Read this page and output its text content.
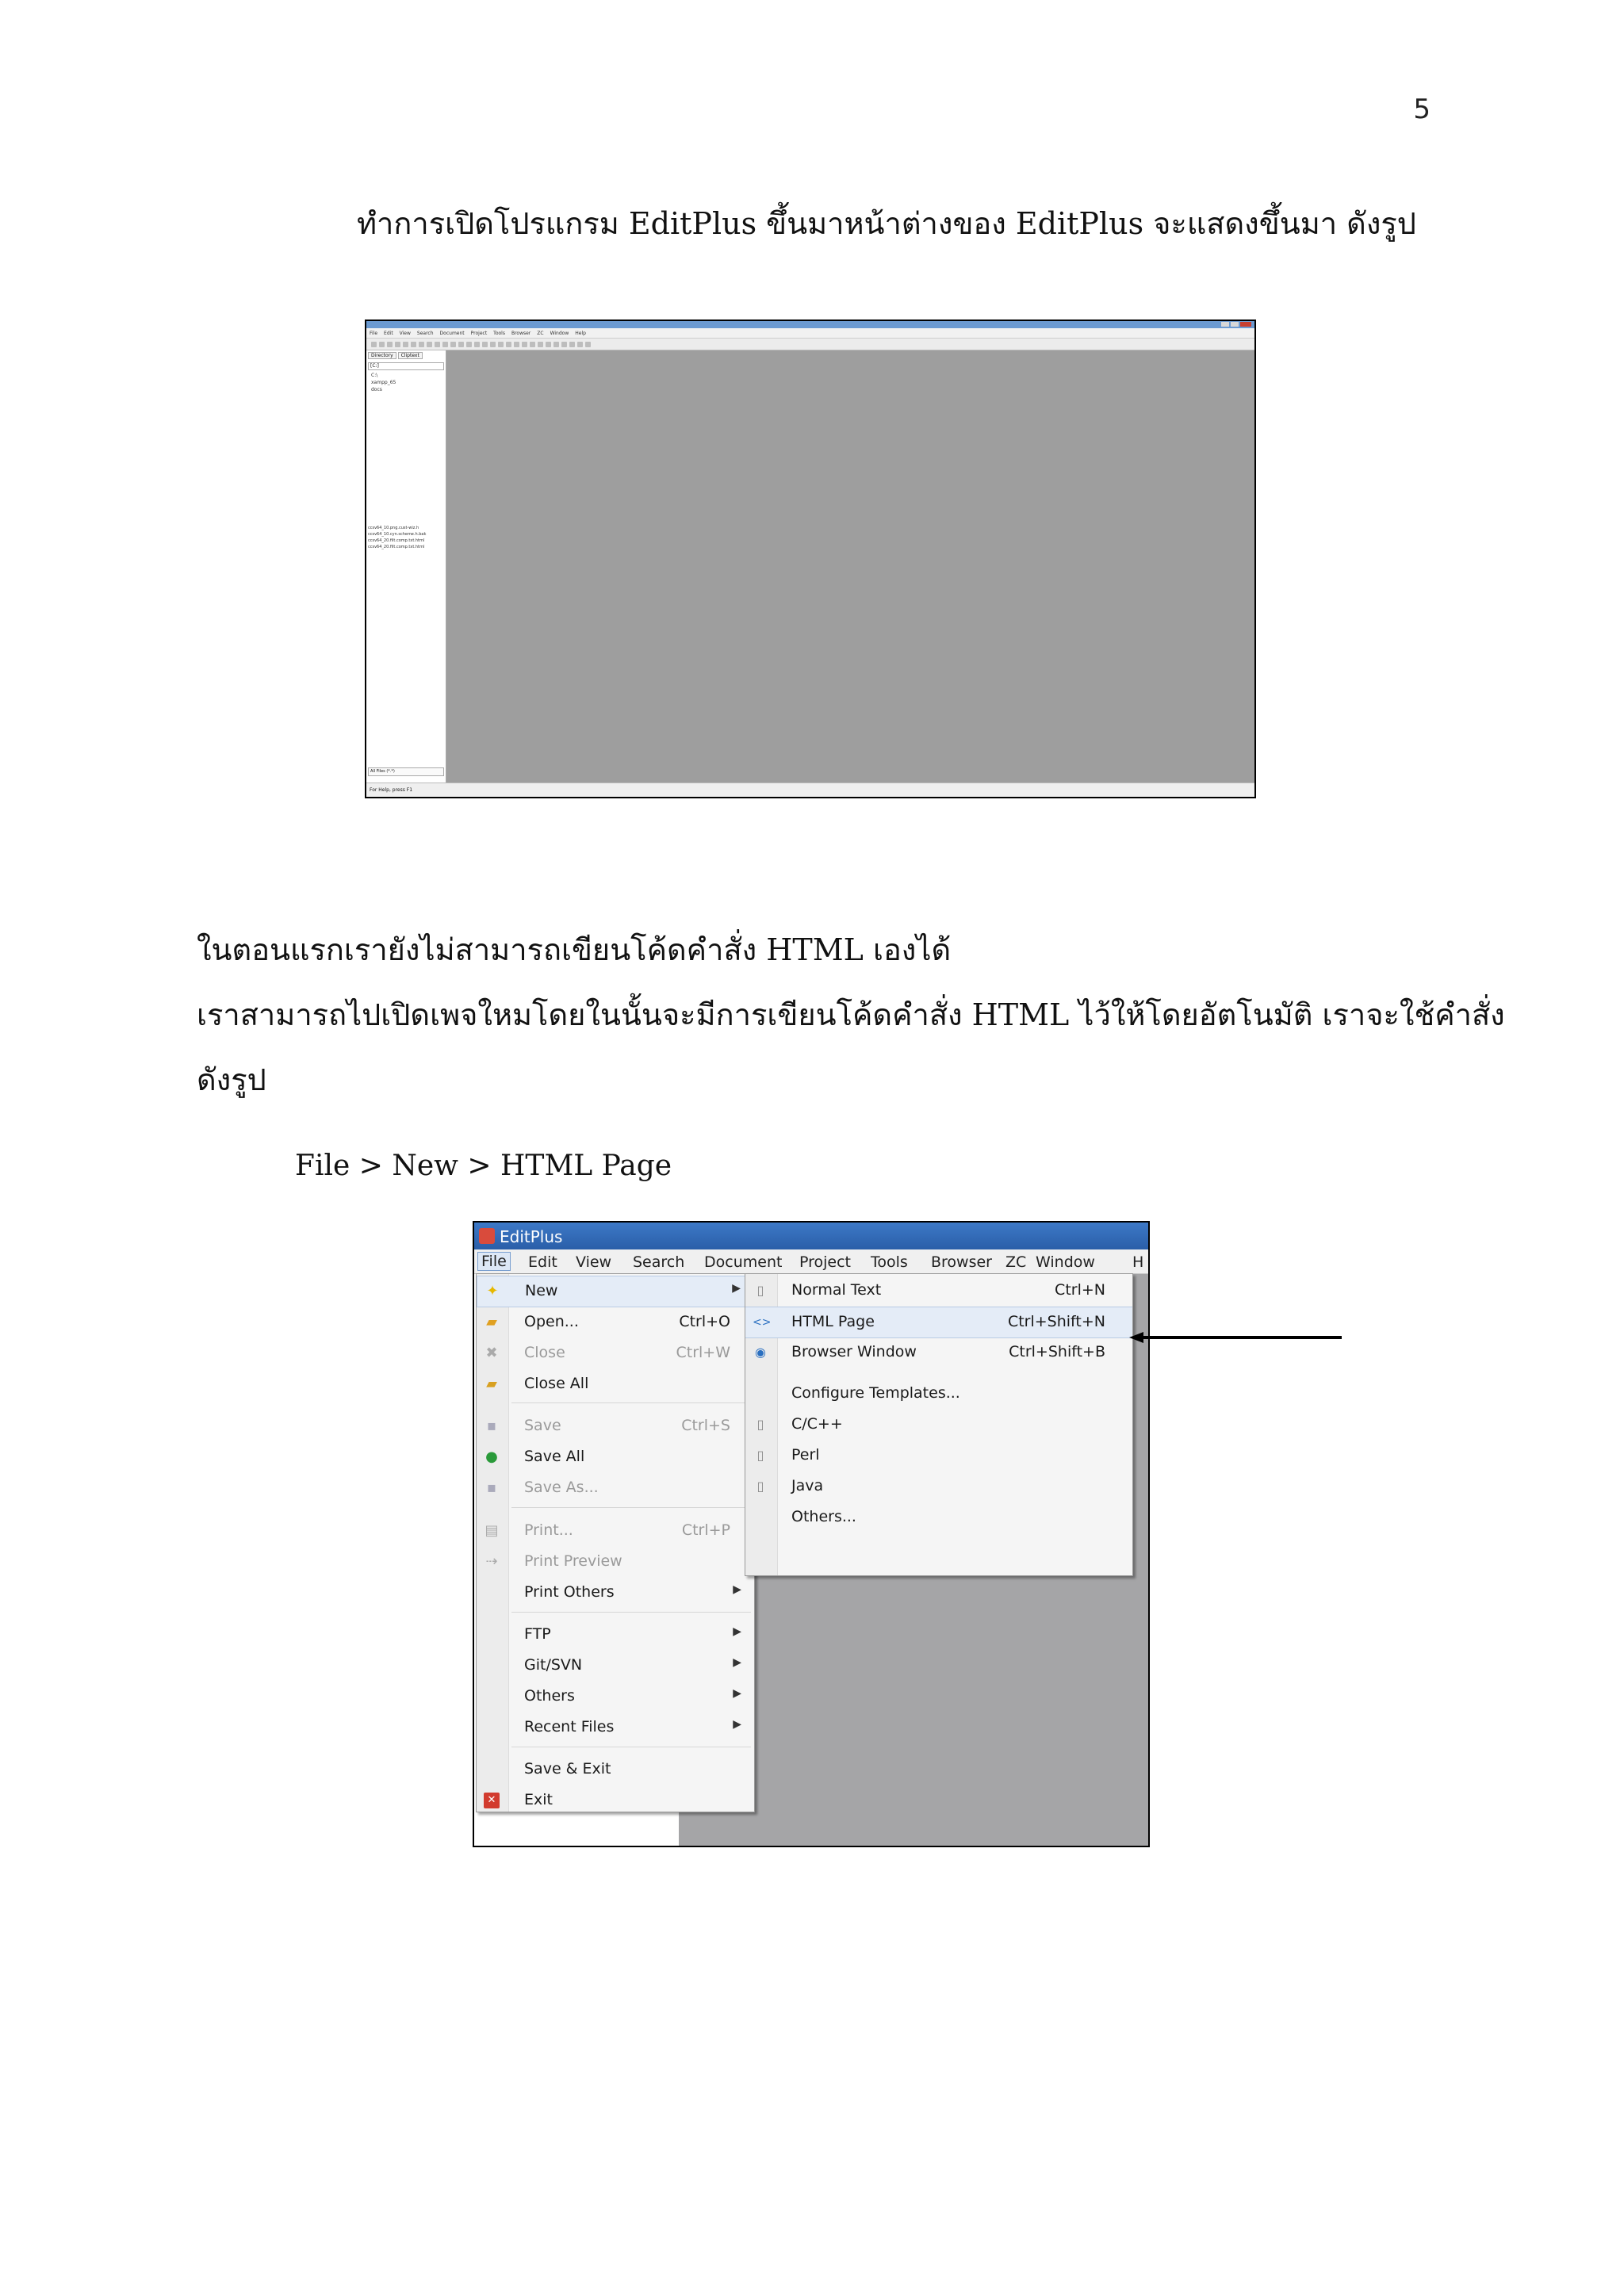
5
ทำการเปิดโปรแกรม EditPlus ขึ้นมาหน้าต่างของ EditPlus จะแสดงขึ้นมา ดังรูป
File Edit View Search Document Project Tools Browser ZC Window Help
Directory	Cliptext
[C:]
C:\
xampp_65
docs
ccsv64_10.png.cust-wiz.h
ccsv64_10.cyn.scheme.h.bak
ccsv64_20.filt.comp.txt.html
ccsv64_20.filt.comp.txt.html
All Files (*.*)
For Help, press F1
ในตอนแรกเรายังไม่สามารถเขียนโค้ดคำสั่ง HTML เองได้
เราสามารถไปเปิดเพจใหมโดยในนั้นจะมีการเขียนโค้ดคำสั่ง HTML ไว้ให้โดยอัตโนมัติ เราจะใช้คำสั่ง
ดังรูป
File > New > HTML Page
EditPlus
File Edit View Search Document Project Tools Browser ZC Window H
✦ New	▶
▰ Open...	Ctrl+O
✖ Close	Ctrl+W
▰ Close All
▪ Save	Ctrl+S
● Save All
▪ Save As...
▤ Print...	Ctrl+P
⇢ Print Preview
Print Others	▶
FTP	▶
Git/SVN	▶
Others	▶
Recent Files	▶
Save & Exit
✕ Exit
▯ Normal Text	Ctrl+N
<> HTML Page	Ctrl+Shift+N
◉ Browser Window	Ctrl+Shift+B
Configure Templates...
▯ C/C++
▯ Perl
▯ Java
Others...
